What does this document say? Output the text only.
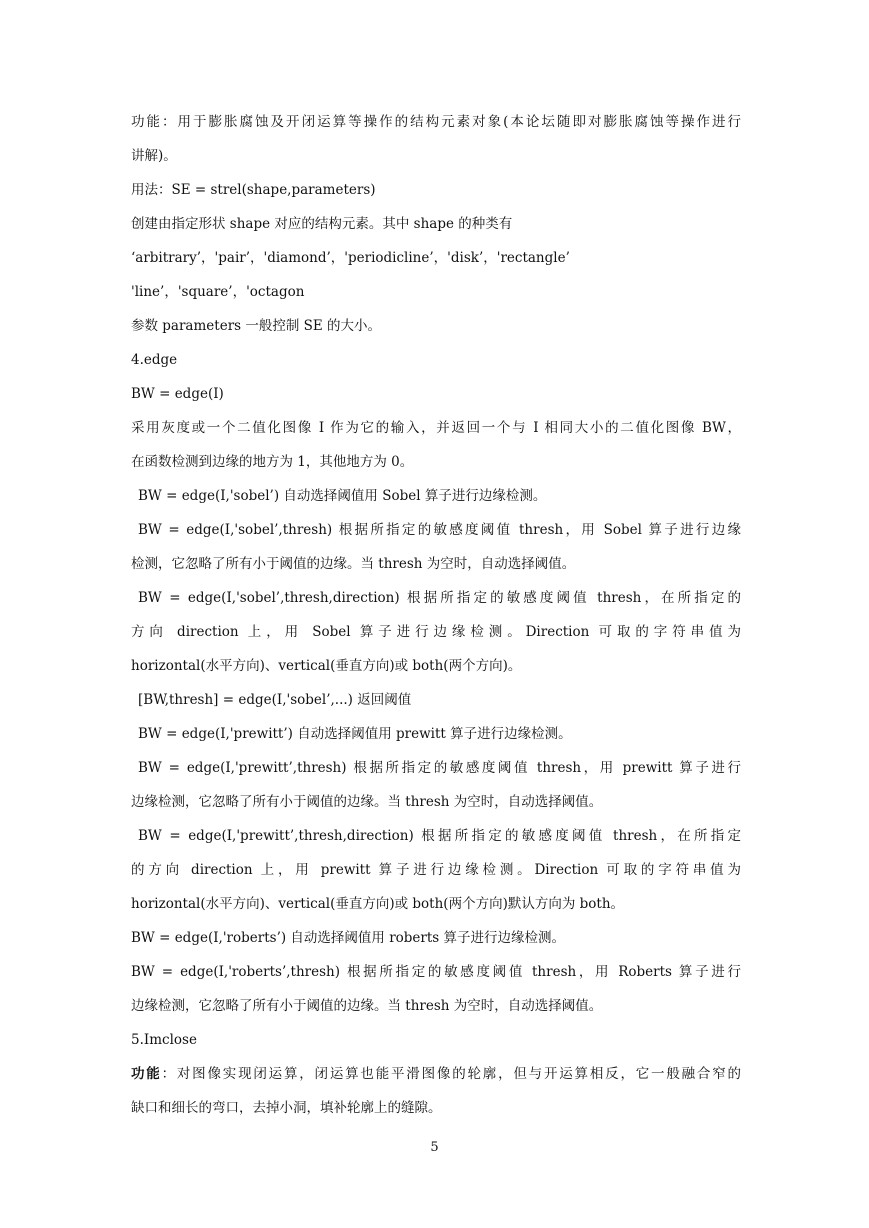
功能：用于膨胀腐蚀及开闭运算等操作的结构元素对象(本论坛随即对膨胀腐蚀等操作进行
讲解)。
用法：SE = strel(shape,parameters)
创建由指定形状 shape 对应的结构元素。其中 shape 的种类有
‘arbitrary’，'pair’，'diamond’，'periodicline’，'disk’，'rectangle’
'line’，'square’，'octagon
参数 parameters 一般控制 SE 的大小。
4.edge
BW = edge(I)
采用灰度或一个二值化图像 I 作为它的输入，并返回一个与 I 相同大小的二值化图像 BW，
在函数检测到边缘的地方为 1，其他地方为 0。
BW = edge(I,'sobel’) 自动选择阈值用 Sobel 算子进行边缘检测。
BW = edge(I,'sobel’,thresh) 根据所指定的敏感度阈值 thresh，用 Sobel 算子进行边缘
检测，它忽略了所有小于阈值的边缘。当 thresh 为空时，自动选择阈值。
BW = edge(I,'sobel’,thresh,direction) 根据所指定的敏感度阈值 thresh，在所指定的
方向 direction 上，用 Sobel 算子进行边缘检测。Direction 可取的字符串值为
horizontal(水平方向)、vertical(垂直方向)或 both(两个方向)。
[BW,thresh] = edge(I,'sobel’,...) 返回阈值
BW = edge(I,'prewitt’) 自动选择阈值用 prewitt 算子进行边缘检测。
BW = edge(I,'prewitt’,thresh) 根据所指定的敏感度阈值 thresh，用 prewitt 算子进行
边缘检测，它忽略了所有小于阈值的边缘。当 thresh 为空时，自动选择阈值。
BW = edge(I,'prewitt’,thresh,direction) 根据所指定的敏感度阈值 thresh，在所指定
的方向 direction 上，用 prewitt 算子进行边缘检测。Direction 可取的字符串值为
horizontal(水平方向)、vertical(垂直方向)或 both(两个方向)默认方向为 both。
BW = edge(I,'roberts’) 自动选择阈值用 roberts 算子进行边缘检测。
BW = edge(I,'roberts’,thresh) 根据所指定的敏感度阈值 thresh，用 Roberts 算子进行
边缘检测，它忽略了所有小于阈值的边缘。当 thresh 为空时，自动选择阈值。
5.Imclose
功能：对图像实现闭运算，闭运算也能平滑图像的轮廓，但与开运算相反，它一般融合窄的
缺口和细长的弯口，去掉小洞，填补轮廓上的缝隙。
5
